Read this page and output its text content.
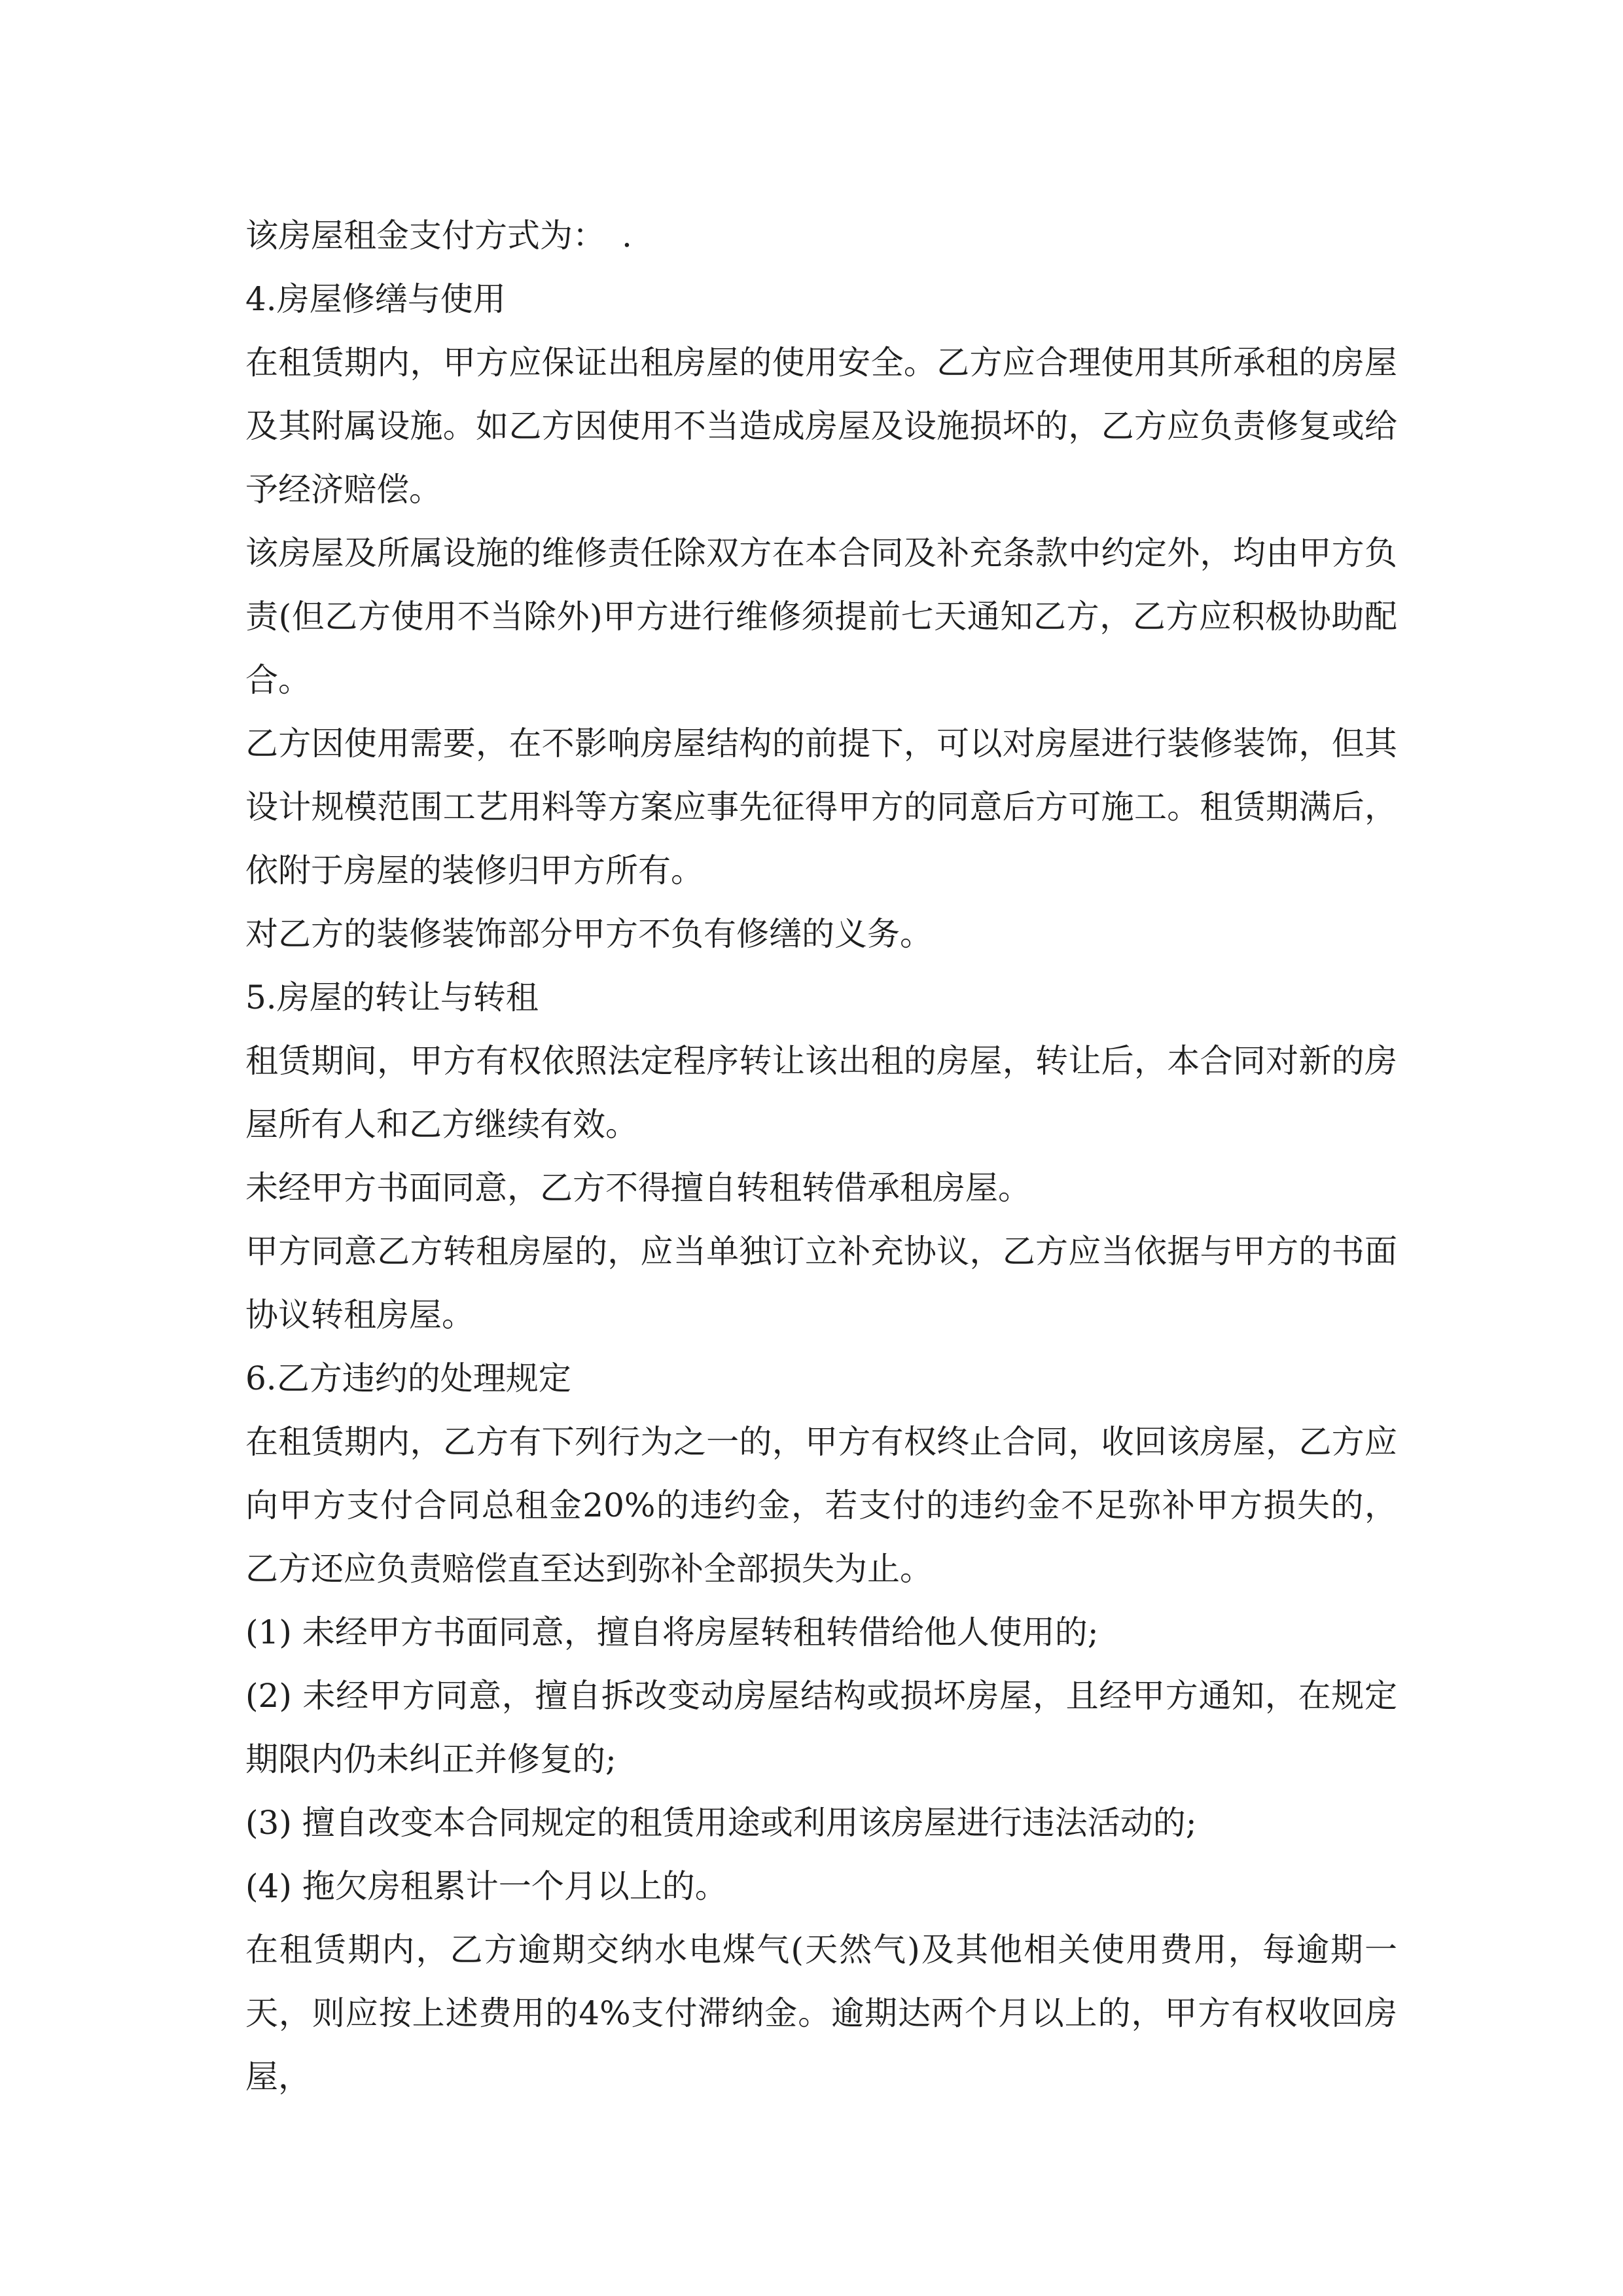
该房屋租金支付方式为：　.

4.房屋修缮与使用

在租赁期内，甲方应保证出租房屋的使用安全。乙方应合理使用其所承租的房屋及其附属设施。如乙方因使用不当造成房屋及设施损坏的，乙方应负责修复或给予经济赔偿。

该房屋及所属设施的维修责任除双方在本合同及补充条款中约定外，均由甲方负责(但乙方使用不当除外)甲方进行维修须提前七天通知乙方，乙方应积极协助配合。

乙方因使用需要，在不影响房屋结构的前提下，可以对房屋进行装修装饰，但其设计规模范围工艺用料等方案应事先征得甲方的同意后方可施工。租赁期满后，依附于房屋的装修归甲方所有。

对乙方的装修装饰部分甲方不负有修缮的义务。

5.房屋的转让与转租

租赁期间，甲方有权依照法定程序转让该出租的房屋，转让后，本合同对新的房屋所有人和乙方继续有效。

未经甲方书面同意，乙方不得擅自转租转借承租房屋。

甲方同意乙方转租房屋的，应当单独订立补充协议，乙方应当依据与甲方的书面协议转租房屋。

6.乙方违约的处理规定

在租赁期内，乙方有下列行为之一的，甲方有权终止合同，收回该房屋，乙方应向甲方支付合同总租金20%的违约金，若支付的违约金不足弥补甲方损失的，乙方还应负责赔偿直至达到弥补全部损失为止。

(1) 未经甲方书面同意，擅自将房屋转租转借给他人使用的;

(2) 未经甲方同意，擅自拆改变动房屋结构或损坏房屋，且经甲方通知，在规定期限内仍未纠正并修复的;

(3) 擅自改变本合同规定的租赁用途或利用该房屋进行违法活动的;

(4) 拖欠房租累计一个月以上的。

在租赁期内，乙方逾期交纳水电煤气(天然气)及其他相关使用费用，每逾期一天，则应按上述费用的4%支付滞纳金。逾期达两个月以上的，甲方有权收回房屋，
